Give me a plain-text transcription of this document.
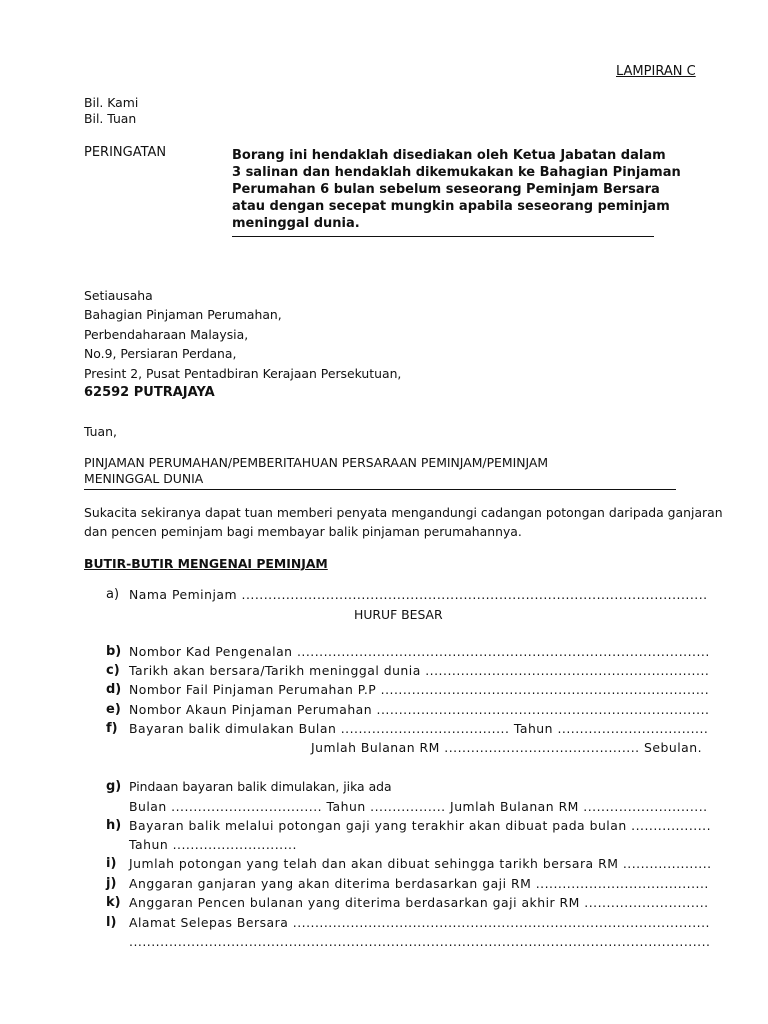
LAMPIRAN C
Bil. Kami
Bil. Tuan
PERINGATAN	Borang ini hendaklah disediakan oleh Ketua Jabatan dalam
3 salinan dan hendaklah dikemukakan ke Bahagian Pinjaman
Perumahan 6 bulan sebelum seseorang Peminjam Bersara
atau dengan secepat mungkin apabila seseorang peminjam
meninggal dunia.
Setiausaha
Bahagian Pinjaman Perumahan,
Perbendaharaan Malaysia,
No.9, Persiaran Perdana,
Presint 2, Pusat Pentadbiran Kerajaan Persekutuan,
62592 PUTRAJAYA
Tuan,
PINJAMAN PERUMAHAN/PEMBERITAHUAN PERSARAAN PEMINJAM/PEMINJAM
MENINGGAL DUNIA
Sukacita sekiranya dapat tuan memberi penyata mengandungi cadangan potongan daripada ganjaran
dan pencen peminjam bagi membayar balik pinjaman perumahannya.
BUTIR-BUTIR MENGENAI PEMINJAM
a) Nama Peminjam .........................................................................................................
HURUF BESAR
b) Nombor Kad Pengenalan .............................................................................................
c) Tarikh akan bersara/Tarikh meninggal dunia ................................................................
d) Nombor Fail Pinjaman Perumahan P.P ..........................................................................
e) Nombor Akaun Pinjaman Perumahan ...........................................................................
f) Bayaran balik dimulakan Bulan ...................................... Tahun ..................................
Jumlah Bulanan RM ............................................ Sebulan.
g) Pindaan bayaran balik dimulakan, jika ada
Bulan .................................. Tahun ................. Jumlah Bulanan RM ............................
h) Bayaran balik melalui potongan gaji yang terakhir akan dibuat pada bulan ..................
Tahun ............................
i) Jumlah potongan yang telah dan akan dibuat sehingga tarikh bersara RM ....................
j) Anggaran ganjaran yang akan diterima berdasarkan gaji RM .......................................
k) Anggaran Pencen bulanan yang diterima berdasarkan gaji akhir RM ............................
l) Alamat Selepas Bersara ..............................................................................................
...................................................................................................................................
